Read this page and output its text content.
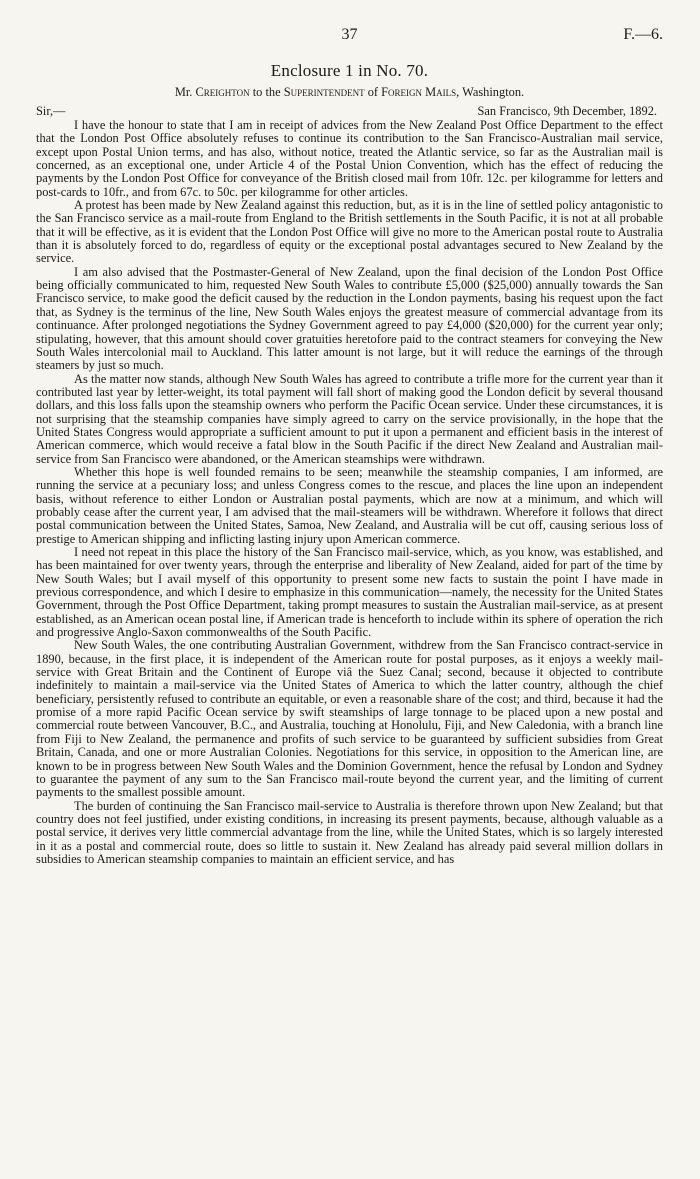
37	F.—6.
Enclosure 1 in No. 70.
Mr. Creighton to the Superintendent of Foreign Mails, Washington.
Sir,—	San Francisco, 9th December, 1892.

I have the honour to state that I am in receipt of advices from the New Zealand Post Office Department to the effect that the London Post Office absolutely refuses to continue its contribution to the San Francisco-Australian mail service, except upon Postal Union terms, and has also, without notice, treated the Atlantic service, so far as the Australian mail is concerned, as an exceptional one, under Article 4 of the Postal Union Convention, which has the effect of reducing the payments by the London Post Office for conveyance of the British closed mail from 10fr. 12c. per kilogramme for letters and post-cards to 10fr., and from 67c. to 50c. per kilogramme for other articles.

A protest has been made by New Zealand against this reduction, but, as it is in the line of settled policy antagonistic to the San Francisco service as a mail-route from England to the British settlements in the South Pacific, it is not at all probable that it will be effective, as it is evident that the London Post Office will give no more to the American postal route to Australia than it is absolutely forced to do, regardless of equity or the exceptional postal advantages secured to New Zealand by the service.

I am also advised that the Postmaster-General of New Zealand, upon the final decision of the London Post Office being officially communicated to him, requested New South Wales to contribute £5,000 ($25,000) annually towards the San Francisco service, to make good the deficit caused by the reduction in the London payments, basing his request upon the fact that, as Sydney is the terminus of the line, New South Wales enjoys the greatest measure of commercial advantage from its continuance. After prolonged negotiations the Sydney Government agreed to pay £4,000 ($20,000) for the current year only; stipulating, however, that this amount should cover gratuities heretofore paid to the contract steamers for conveying the New South Wales intercolonial mail to Auckland. This latter amount is not large, but it will reduce the earnings of the through steamers by just so much.

As the matter now stands, although New South Wales has agreed to contribute a trifle more for the current year than it contributed last year by letter-weight, its total payment will fall short of making good the London deficit by several thousand dollars, and this loss falls upon the steamship owners who perform the Pacific Ocean service. Under these circumstances, it is not surprising that the steamship companies have simply agreed to carry on the service provisionally, in the hope that the United States Congress would appropriate a sufficient amount to put it upon a permanent and efficient basis in the interest of American commerce, which would receive a fatal blow in the South Pacific if the direct New Zealand and Australian mail-service from San Francisco were abandoned, or the American steamships were withdrawn.

Whether this hope is well founded remains to be seen; meanwhile the steamship companies, I am informed, are running the service at a pecuniary loss; and unless Congress comes to the rescue, and places the line upon an independent basis, without reference to either London or Australian postal payments, which are now at a minimum, and which will probably cease after the current year, I am advised that the mail-steamers will be withdrawn. Wherefore it follows that direct postal communication between the United States, Samoa, New Zealand, and Australia will be cut off, causing serious loss of prestige to American shipping and inflicting lasting injury upon American commerce.

I need not repeat in this place the history of the San Francisco mail-service, which, as you know, was established, and has been maintained for over twenty years, through the enterprise and liberality of New Zealand, aided for part of the time by New South Wales; but I avail myself of this opportunity to present some new facts to sustain the point I have made in previous correspondence, and which I desire to emphasize in this communication—namely, the necessity for the United States Government, through the Post Office Department, taking prompt measures to sustain the Australian mail-service, as at present established, as an American ocean postal line, if American trade is henceforth to include within its sphere of operation the rich and progressive Anglo-Saxon commonwealths of the South Pacific.

New South Wales, the one contributing Australian Government, withdrew from the San Francisco contract-service in 1890, because, in the first place, it is independent of the American route for postal purposes, as it enjoys a weekly mail-service with Great Britain and the Continent of Europe viâ the Suez Canal; second, because it objected to contribute indefinitely to maintain a mail-service via the United States of America to which the latter country, although the chief beneficiary, persistently refused to contribute an equitable, or even a reasonable share of the cost; and third, because it had the promise of a more rapid Pacific Ocean service by swift steamships of large tonnage to be placed upon a new postal and commercial route between Vancouver, B.C., and Australia, touching at Honolulu, Fiji, and New Caledonia, with a branch line from Fiji to New Zealand, the permanence and profits of such service to be guaranteed by sufficient subsidies from Great Britain, Canada, and one or more Australian Colonies. Negotiations for this service, in opposition to the American line, are known to be in progress between New South Wales and the Dominion Government, hence the refusal by London and Sydney to guarantee the payment of any sum to the San Francisco mail-route beyond the current year, and the limiting of current payments to the smallest possible amount.

The burden of continuing the San Francisco mail-service to Australia is therefore thrown upon New Zealand; but that country does not feel justified, under existing conditions, in increasing its present payments, because, although valuable as a postal service, it derives very little commercial advantage from the line, while the United States, which is so largely interested in it as a postal and commercial route, does so little to sustain it. New Zealand has already paid several million dollars in subsidies to American steamship companies to maintain an efficient service, and has
